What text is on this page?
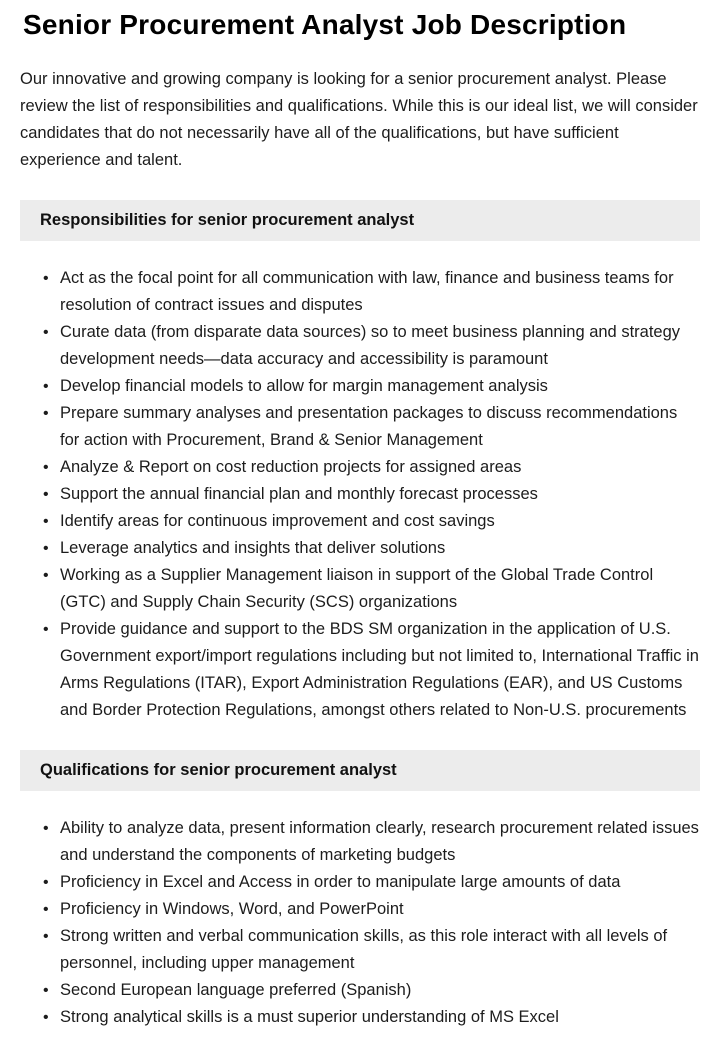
Senior Procurement Analyst Job Description

Our innovative and growing company is looking for a senior procurement analyst. Please review the list of responsibilities and qualifications. While this is our ideal list, we will consider candidates that do not necessarily have all of the qualifications, but have sufficient experience and talent.

Responsibilities for senior procurement analyst
• Act as the focal point for all communication with law, finance and business teams for resolution of contract issues and disputes
• Curate data (from disparate data sources) so to meet business planning and strategy development needs—data accuracy and accessibility is paramount
• Develop financial models to allow for margin management analysis
• Prepare summary analyses and presentation packages to discuss recommendations for action with Procurement, Brand & Senior Management
• Analyze & Report on cost reduction projects for assigned areas
• Support the annual financial plan and monthly forecast processes
• Identify areas for continuous improvement and cost savings
• Leverage analytics and insights that deliver solutions
• Working as a Supplier Management liaison in support of the Global Trade Control (GTC) and Supply Chain Security (SCS) organizations
• Provide guidance and support to the BDS SM organization in the application of U.S. Government export/import regulations including but not limited to, International Traffic in Arms Regulations (ITAR), Export Administration Regulations (EAR), and US Customs and Border Protection Regulations, amongst others related to Non-U.S. procurements
Qualifications for senior procurement analyst
• Ability to analyze data, present information clearly, research procurement related issues and understand the components of marketing budgets
• Proficiency in Excel and Access in order to manipulate large amounts of data
• Proficiency in Windows, Word, and PowerPoint
• Strong written and verbal communication skills, as this role interact with all levels of personnel, including upper management
• Second European language preferred (Spanish)
• Strong analytical skills is a must superior understanding of MS Excel
